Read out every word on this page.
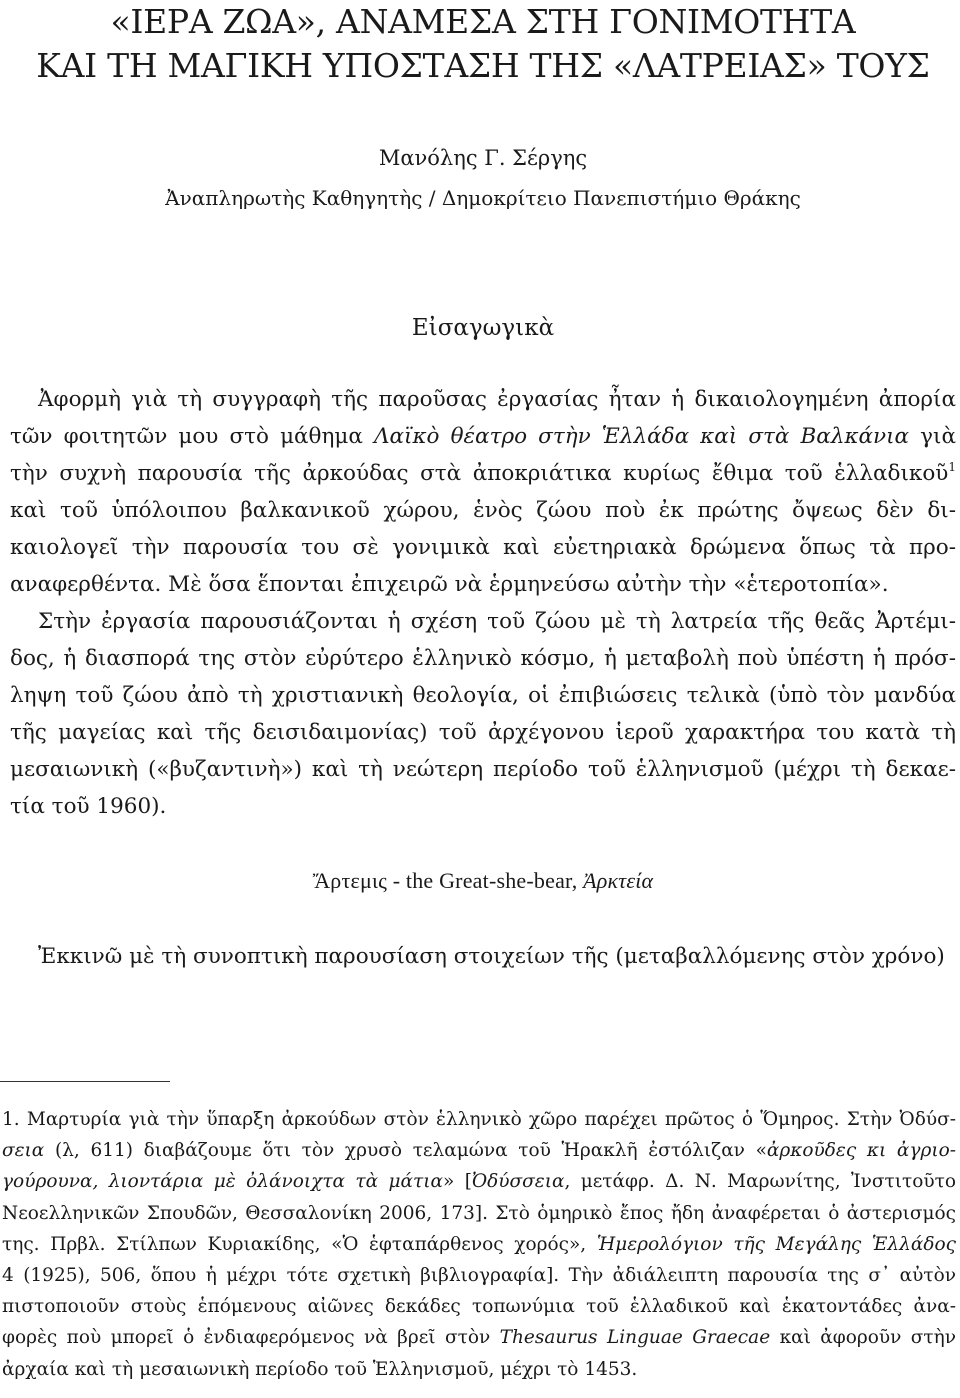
«ΙΕΡΑ ΖΩΑ», ΑΝΑΜΕΣΑ ΣΤΗ ΓΟΝΙΜΟΤΗΤΑ
ΚΑΙ ΤΗ ΜΑΓΙΚΗ ΥΠΟΣΤΑΣΗ ΤΗΣ «ΛΑΤΡΕΙΑΣ» ΤΟΥΣ

Μανόλης Γ. Σέργης

Ἀναπληρωτὴς Καθηγητὴς / Δημοκρίτειο Πανεπιστήμιο Θράκης

Εἰσαγωγικὰ

Ἀφορμὴ γιὰ τὴ συγγραφὴ τῆς παροῦσας ἐργασίας ἦταν ἡ δικαιολογημένη ἀπορία
τῶν φοιτητῶν μου στὸ μάθημα Λαϊκὸ θέατρο στὴν Ἑλλάδα καὶ στὰ Βαλκάνια γιὰ
τὴν συχνὴ παρουσία τῆς ἀρκούδας στὰ ἀποκριάτικα κυρίως ἔθιμα τοῦ ἑλλαδικοῦ$^1$
καὶ τοῦ ὑπόλοιπου βαλκανικοῦ χώρου, ἑνὸς ζώου ποὺ ἐκ πρώτης ὄψεως δὲν δι-
καιολογεῖ τὴν παρουσία του σὲ γονιμικὰ καὶ εὐετηριακὰ δρώμενα ὅπως τὰ προ-
αναφερθέντα. Μὲ ὅσα ἕπονται ἐπιχειρῶ νὰ ἑρμηνεύσω αὐτὴν τὴν «ἑτεροτοπία».

Στὴν ἐργασία παρουσιάζονται ἡ σχέση τοῦ ζώου μὲ τὴ λατρεία τῆς θεᾶς Ἀρτέμι-
δος, ἡ διασπορά της στὸν εὐρύτερο ἑλληνικὸ κόσμο, ἡ μεταβολὴ ποὺ ὑπέστη ἡ πρόσ-
ληψη τοῦ ζώου ἀπὸ τὴ χριστιανικὴ θεολογία, οἱ ἐπιβιώσεις τελικὰ (ὑπὸ τὸν μανδύα
τῆς μαγείας καὶ τῆς δεισιδαιμονίας) τοῦ ἀρχέγονου ἱεροῦ χαρακτήρα του κατὰ τὴ
μεσαιωνικὴ («βυζαντινὴ») καὶ τὴ νεώτερη περίοδο τοῦ ἑλληνισμοῦ (μέχρι τὴ δεκαε-
τία τοῦ 1960).

Ἄρτεμις - the Great-she-bear, Ἀρκτεία

Ἐκκινῶ μὲ τὴ συνοπτικὴ παρουσίαση στοιχείων τῆς (μεταβαλλόμενης στὸν χρόνο)

1. Μαρτυρία γιὰ τὴν ὕπαρξη ἀρκούδων στὸν ἑλληνικὸ χῶρο παρέχει πρῶτος ὁ Ὅμηρος. Στὴν Ὀδύσ-
σεια (λ, 611) διαβάζουμε ὅτι τὸν χρυσὸ τελαμώνα τοῦ Ἡρακλῆ ἐστόλιζαν «ἀρκοῦδες κι ἀγριο-
γούρουνα, λιοντάρια μὲ ὀλάνοιχτα τὰ μάτια» [Ὀδύσσεια, μετάφρ. Δ. Ν. Μαρωνίτης, Ἰνστιτοῦτο
Νεοελληνικῶν Σπουδῶν, Θεσσαλονίκη 2006, 173]. Στὸ ὁμηρικὸ ἔπος ἤδη ἀναφέρεται ὁ ἀστερισμός
της. Πρβλ. Στίλπων Κυριακίδης, «Ὁ ἑφταπάρθενος χορός», Ἡμερολόγιον τῆς Μεγάλης Ἑλλάδος
4 (1925), 506, ὅπου ἡ μέχρι τότε σχετικὴ βιβλιογραφία]. Τὴν ἀδιάλειπτη παρουσία της σ᾽ αὐτὸν
πιστοποιοῦν στοὺς ἑπόμενους αἰῶνες δεκάδες τοπωνύμια τοῦ ἑλλαδικοῦ καὶ ἑκατοντάδες ἀνα-
φορὲς ποὺ μπορεῖ ὁ ἐνδιαφερόμενος νὰ βρεῖ στὸν Thesaurus Linguae Graecae καὶ ἀφοροῦν στὴν
ἀρχαία καὶ τὴ μεσαιωνικὴ περίοδο τοῦ Ἑλληνισμοῦ, μέχρι τὸ 1453.
